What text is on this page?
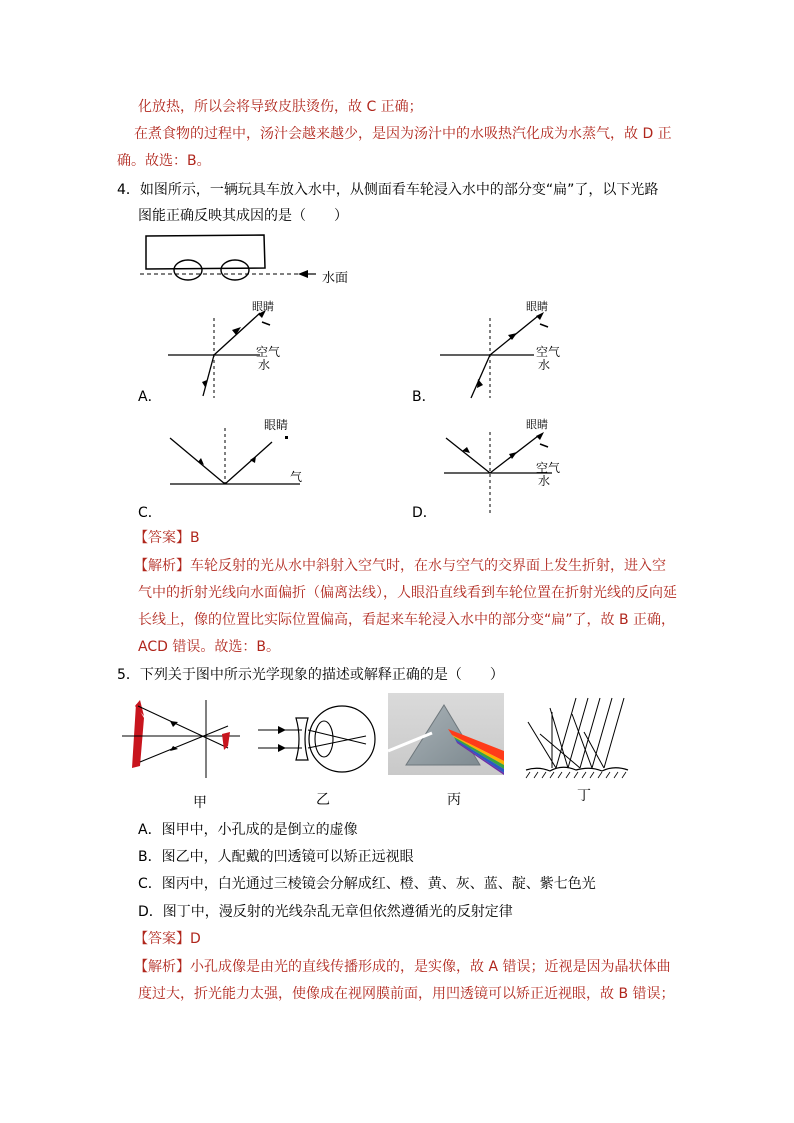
化放热，所以会将导致皮肤烫伤，故 C 正确；
在煮食物的过程中，汤汁会越来越少，是因为汤汁中的水吸热汽化成为水蒸气，故 D 正
确。故选：B。
4．如图所示，一辆玩具车放入水中，从侧面看车轮浸入水中的部分变“扁”了，以下光路
图能正确反映其成因的是（　　）
水面
眼睛
空气
水
A．
眼睛
空气
水
B．
眼睛
气
C．
眼睛
空气
水
D．
【答案】B
【解析】车轮反射的光从水中斜射入空气时，在水与空气的交界面上发生折射，进入空
气中的折射光线向水面偏折（偏离法线），人眼沿直线看到车轮位置在折射光线的反向延
长线上，像的位置比实际位置偏高，看起来车轮浸入水中的部分变“扁”了，故 B 正确，
ACD 错误。故选：B。
5．下列关于图中所示光学现象的描述或解释正确的是（　　）
甲	乙	丙	丁
A．图甲中，小孔成的是倒立的虚像
B．图乙中，人配戴的凹透镜可以矫正远视眼
C．图丙中，白光通过三棱镜会分解成红、橙、黄、灰、蓝、靛、紫七色光
D．图丁中，漫反射的光线杂乱无章但依然遵循光的反射定律
【答案】D
【解析】小孔成像是由光的直线传播形成的，是实像，故 A 错误；近视是因为晶状体曲
度过大，折光能力太强，使像成在视网膜前面，用凹透镜可以矫正近视眼，故 B 错误；
